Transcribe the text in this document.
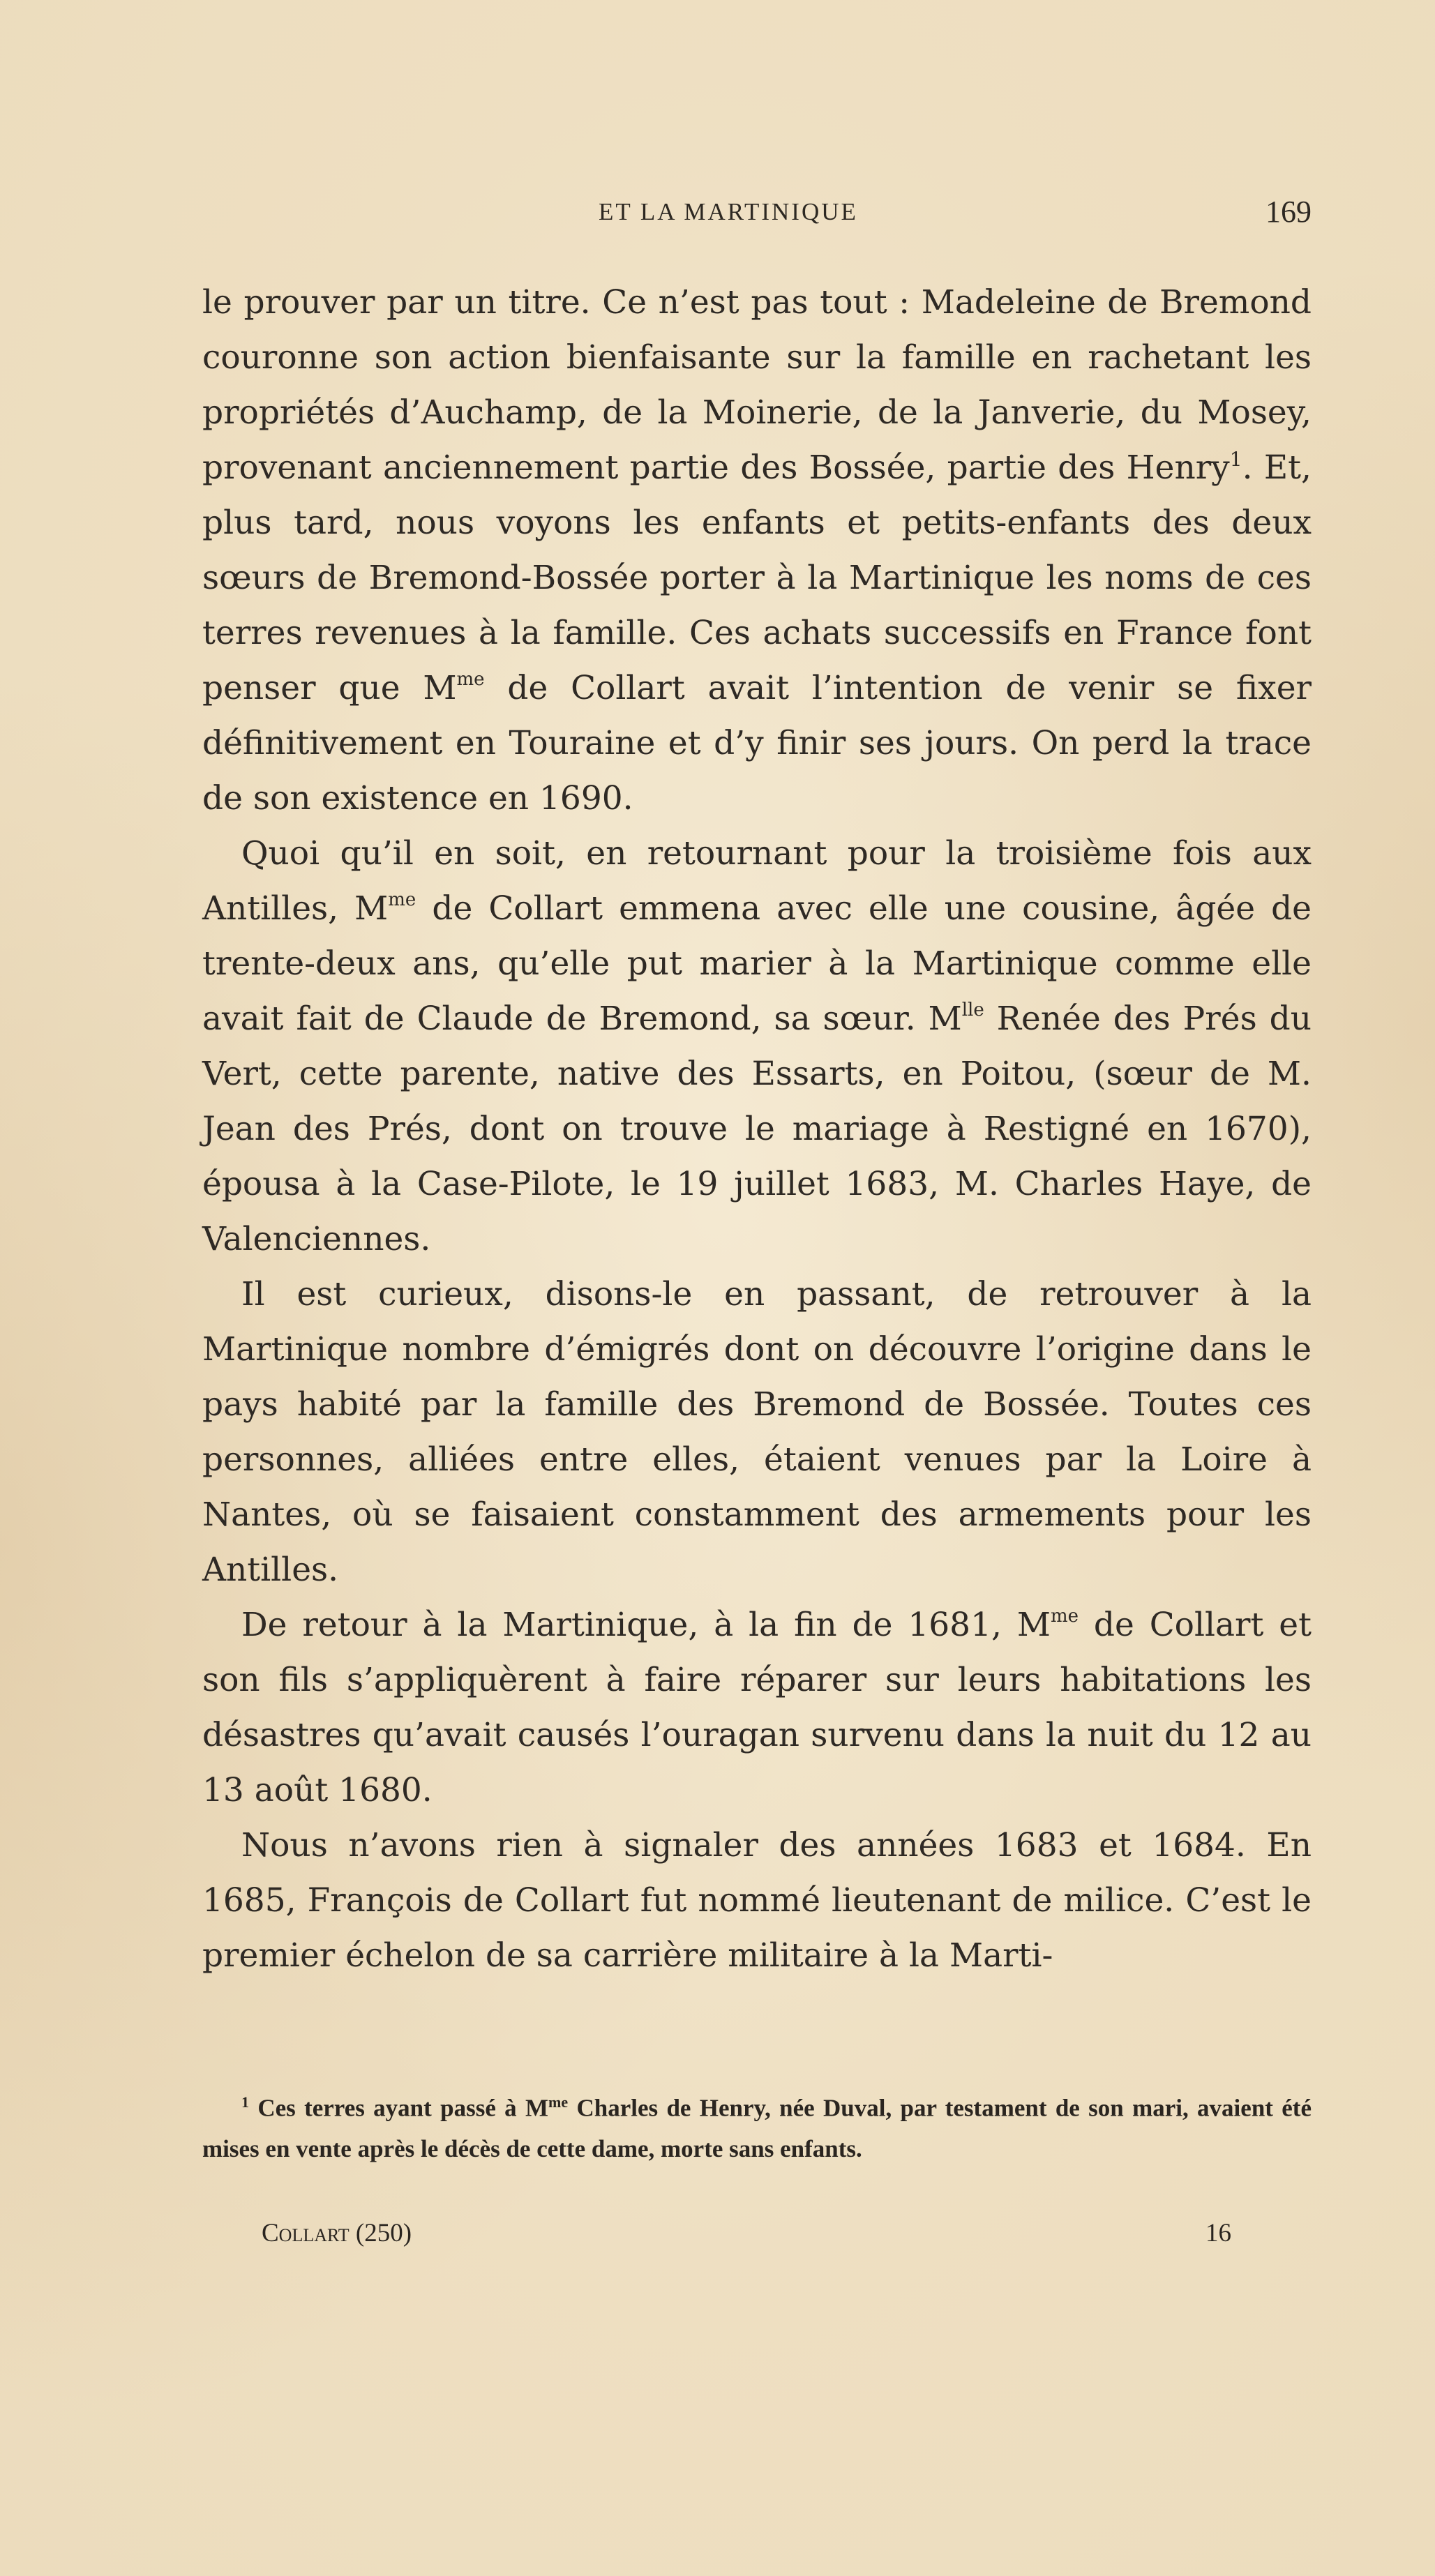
ET LA MARTINIQUE	169

le prouver par un titre. Ce n’est pas tout : Madeleine de Bremond couronne son action bienfaisante sur la famille en rachetant les propriétés d’Auchamp, de la Moinerie, de la Janverie, du Mosey, provenant anciennement partie des Bossée, partie des Henry$^1$. Et, plus tard, nous voyons les enfants et petits-enfants des deux sœurs de Bremond-Bossée porter à la Martinique les noms de ces terres revenues à la famille. Ces achats successifs en France font penser que $M^{me}$ de Collart avait l’intention de venir se fixer définitivement en Touraine et d’y finir ses jours. On perd la trace de son existence en 1690.

Quoi qu’il en soit, en retournant pour la troisième fois aux Antilles, $M^{me}$ de Collart emmena avec elle une cousine, âgée de trente-deux ans, qu’elle put marier à la Martinique comme elle avait fait de Claude de Bremond, sa sœur. $M^{lle}$ Renée des Prés du Vert, cette parente, native des Essarts, en Poitou, (sœur de M. Jean des Prés, dont on trouve le mariage à Restigné en 1670), épousa à la Case-Pilote, le 19 juillet 1683, M. Charles Haye, de Valenciennes.

Il est curieux, disons-le en passant, de retrouver à la Martinique nombre d’émigrés dont on découvre l’origine dans le pays habité par la famille des Bremond de Bossée. Toutes ces personnes, alliées entre elles, étaient venues par la Loire à Nantes, où se faisaient constamment des armements pour les Antilles.

De retour à la Martinique, à la fin de 1681, $M^{me}$ de Collart et son fils s’appliquèrent à faire réparer sur leurs habitations les désastres qu’avait causés l’ouragan survenu dans la nuit du 12 au 13 août 1680.

Nous n’avons rien à signaler des années 1683 et 1684. En 1685, François de Collart fut nommé lieutenant de milice. C’est le premier échelon de sa carrière militaire à la Marti-

$^1$ Ces terres ayant passé à $M^{me}$ Charles de Henry, née Duval, par testament de son mari, avaient été mises en vente après le décès de cette dame, morte sans enfants.

Collart (250)	16
